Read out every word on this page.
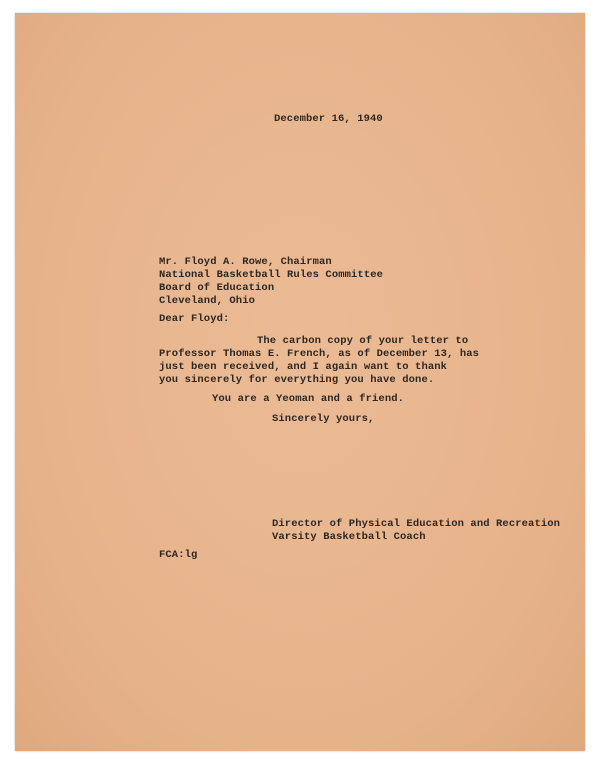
December 16, 1940
Mr. Floyd A. Rowe, Chairman
National Basketball Rules Committee
Board of Education
Cleveland, Ohio
Dear Floyd:
The carbon copy of your letter to
Professor Thomas E. French, as of December 13, has
just been received, and I again want to thank
you sincerely for everything you have done.
You are a Yeoman and a friend.
Sincerely yours,
Director of Physical Education and Recreation
Varsity Basketball Coach
FCA:lg
